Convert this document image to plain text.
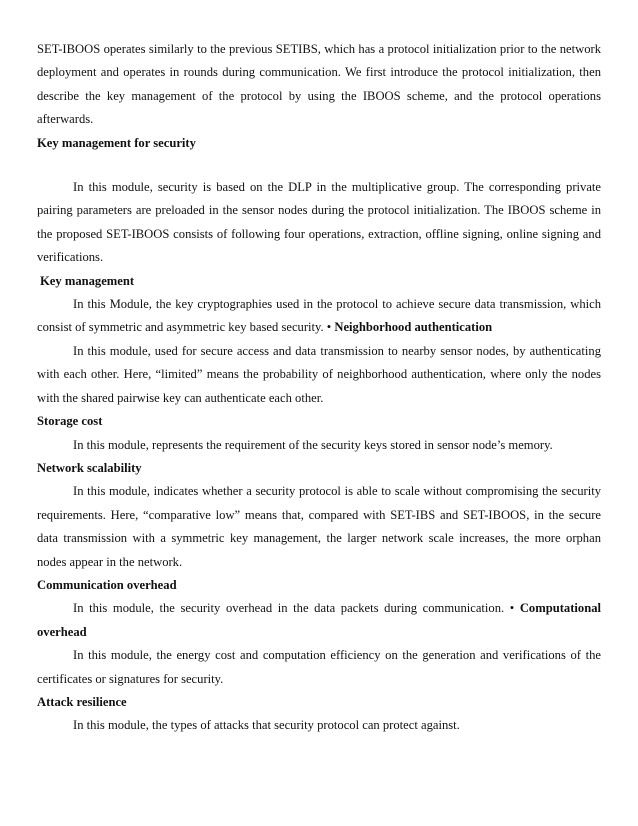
SET-IBOOS operates similarly to the previous SETIBS, which has a protocol initialization prior to the network deployment and operates in rounds during communication. We first introduce the protocol initialization, then describe the key management of the protocol by using the IBOOS scheme, and the protocol operations afterwards.

Key management for security

In this module, security is based on the DLP in the multiplicative group. The corresponding private pairing parameters are preloaded in the sensor nodes during the protocol initialization. The IBOOS scheme in the proposed SET-IBOOS consists of following four operations, extraction, offline signing, online signing and verifications.

Key management

In this Module, the key cryptographies used in the protocol to achieve secure data transmission, which consist of symmetric and asymmetric key based security. • Neighborhood authentication

In this module, used for secure access and data transmission to nearby sensor nodes, by authenticating with each other. Here, “limited” means the probability of neighborhood authentication, where only the nodes with the shared pairwise key can authenticate each other.

Storage cost

In this module, represents the requirement of the security keys stored in sensor node’s memory.

Network scalability

In this module, indicates whether a security protocol is able to scale without compromising the security requirements. Here, “comparative low” means that, compared with SET-IBS and SET-IBOOS, in the secure data transmission with a symmetric key management, the larger network scale increases, the more orphan nodes appear in the network.

Communication overhead

In this module, the security overhead in the data packets during communication. • Computational overhead

In this module, the energy cost and computation efficiency on the generation and verifications of the certificates or signatures for security.

Attack resilience

In this module, the types of attacks that security protocol can protect against.
